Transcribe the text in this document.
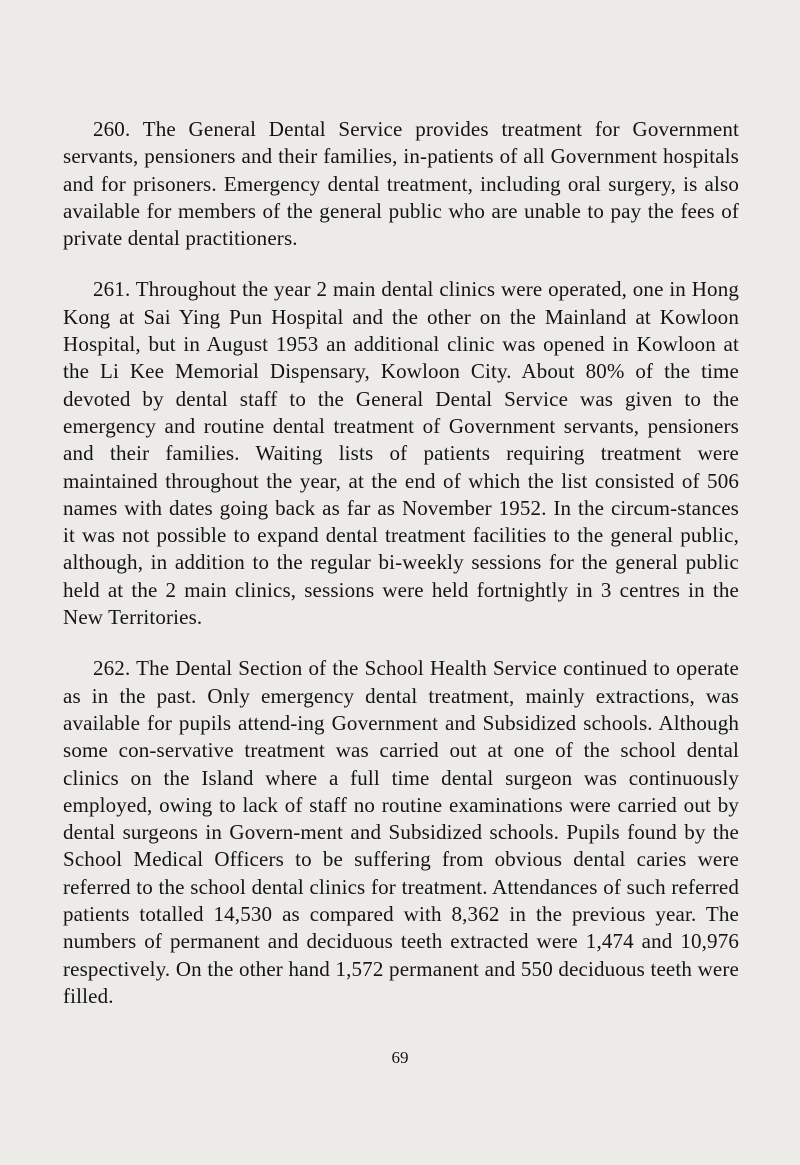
260. The General Dental Service provides treatment for Government servants, pensioners and their families, in-patients of all Government hospitals and for prisoners. Emergency dental treatment, including oral surgery, is also available for members of the general public who are unable to pay the fees of private dental practitioners.

261. Throughout the year 2 main dental clinics were operated, one in Hong Kong at Sai Ying Pun Hospital and the other on the Mainland at Kowloon Hospital, but in August 1953 an additional clinic was opened in Kowloon at the Li Kee Memorial Dispensary, Kowloon City. About 80% of the time devoted by dental staff to the General Dental Service was given to the emergency and routine dental treatment of Government servants, pensioners and their families. Waiting lists of patients requiring treatment were maintained throughout the year, at the end of which the list consisted of 506 names with dates going back as far as November 1952. In the circum-stances it was not possible to expand dental treatment facilities to the general public, although, in addition to the regular bi-weekly sessions for the general public held at the 2 main clinics, sessions were held fortnightly in 3 centres in the New Territories.

262. The Dental Section of the School Health Service continued to operate as in the past. Only emergency dental treatment, mainly extractions, was available for pupils attend-ing Government and Subsidized schools. Although some con-servative treatment was carried out at one of the school dental clinics on the Island where a full time dental surgeon was continuously employed, owing to lack of staff no routine examinations were carried out by dental surgeons in Govern-ment and Subsidized schools. Pupils found by the School Medical Officers to be suffering from obvious dental caries were referred to the school dental clinics for treatment. Attendances of such referred patients totalled 14,530 as compared with 8,362 in the previous year. The numbers of permanent and deciduous teeth extracted were 1,474 and 10,976 respectively. On the other hand 1,572 permanent and 550 deciduous teeth were filled.

69
